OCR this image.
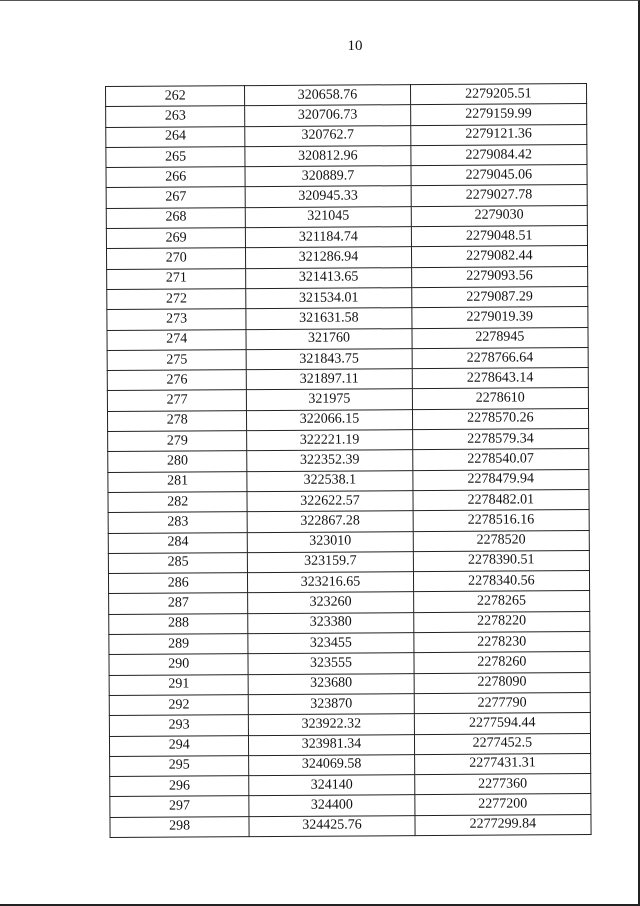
10
262	320658.76	2279205.51
263	320706.73	2279159.99
264	320762.7	2279121.36
265	320812.96	2279084.42
266	320889.7	2279045.06
267	320945.33	2279027.78
268	321045	2279030
269	321184.74	2279048.51
270	321286.94	2279082.44
271	321413.65	2279093.56
272	321534.01	2279087.29
273	321631.58	2279019.39
274	321760	2278945
275	321843.75	2278766.64
276	321897.11	2278643.14
277	321975	2278610
278	322066.15	2278570.26
279	322221.19	2278579.34
280	322352.39	2278540.07
281	322538.1	2278479.94
282	322622.57	2278482.01
283	322867.28	2278516.16
284	323010	2278520
285	323159.7	2278390.51
286	323216.65	2278340.56
287	323260	2278265
288	323380	2278220
289	323455	2278230
290	323555	2278260
291	323680	2278090
292	323870	2277790
293	323922.32	2277594.44
294	323981.34	2277452.5
295	324069.58	2277431.31
296	324140	2277360
297	324400	2277200
298	324425.76	2277299.84
